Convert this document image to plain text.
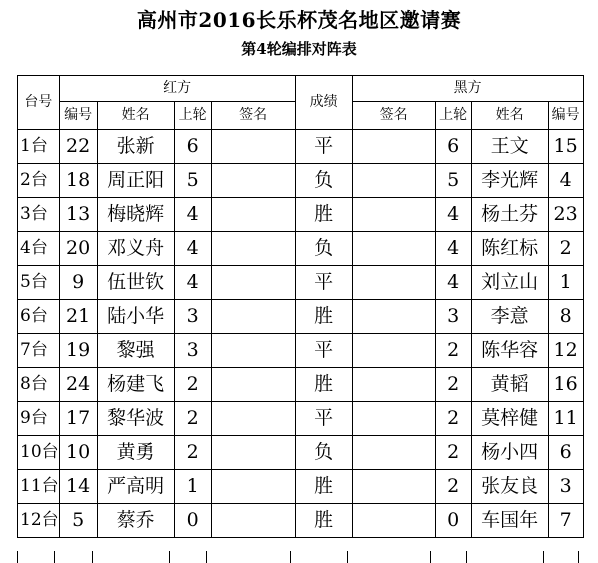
高州市2016长乐杯茂名地区邀请赛
第4轮编排对阵表
台号	红方				成绩	黑方			
	编号	姓名	上轮	签名		签名	上轮	姓名	编号
1台	22	张新	6		平		6	王文	15
2台	18	周正阳	5		负		5	李光辉	4
3台	13	梅晓辉	4		胜		4	杨土芬	23
4台	20	邓义舟	4		负		4	陈红标	2
5台	9	伍世钦	4		平		4	刘立山	1
6台	21	陆小华	3		胜		3	李意	8
7台	19	黎强	3		平		2	陈华容	12
8台	24	杨建飞	2		胜		2	黄韬	16
9台	17	黎华波	2		平		2	莫梓健	11
10台	10	黄勇	2		负		2	杨小四	6
11台	14	严高明	1		胜		2	张友良	3
12台	5	蔡乔	0		胜		0	车国年	7
